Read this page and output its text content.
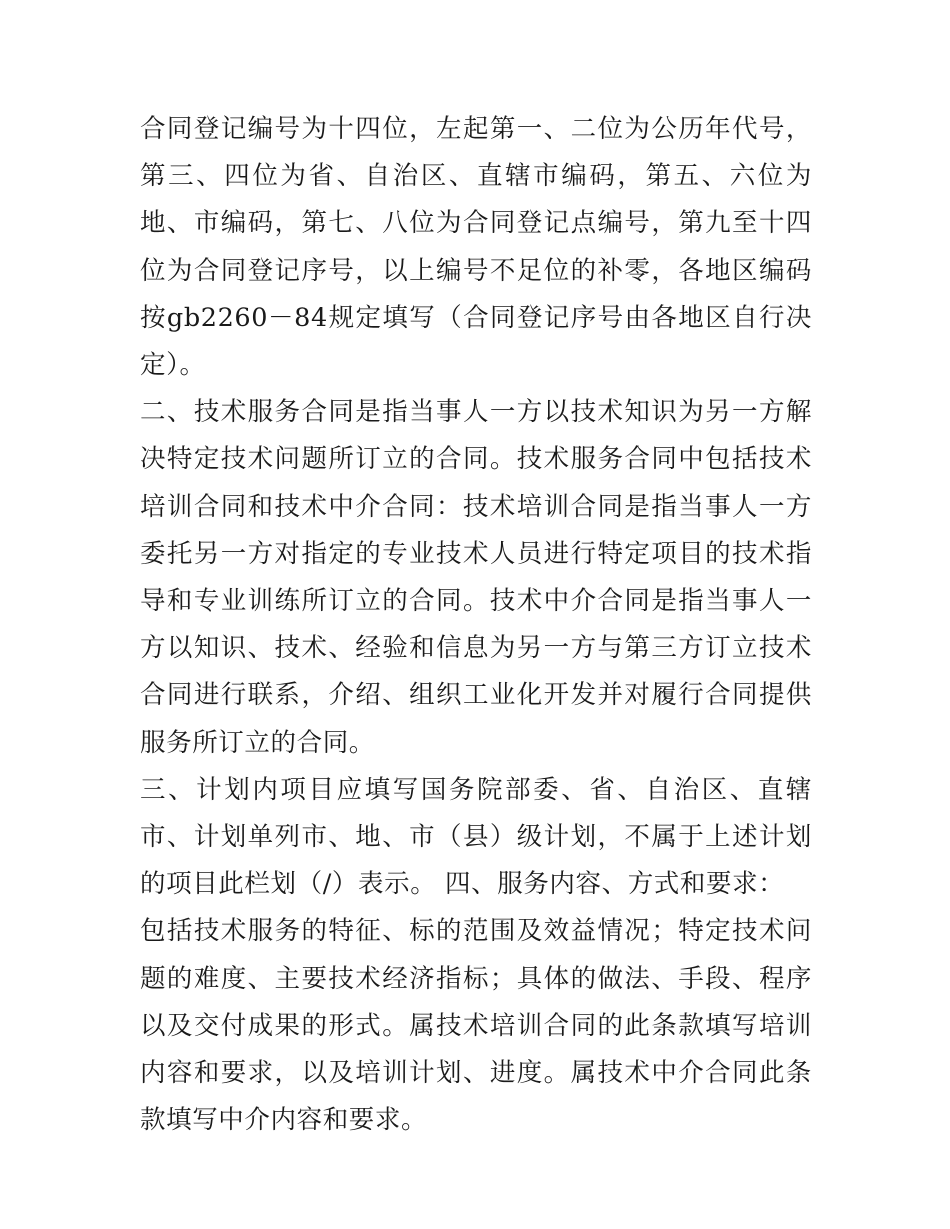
合同登记编号为十四位，左起第一、二位为公历年代号，第三、四位为省、自治区、直辖市编码，第五、六位为地、市编码，第七、八位为合同登记点编号，第九至十四位为合同登记序号，以上编号不足位的补零，各地区编码按gb2260－84规定填写（合同登记序号由各地区自行决定）。

二、技术服务合同是指当事人一方以技术知识为另一方解决特定技术问题所订立的合同。技术服务合同中包括技术培训合同和技术中介合同：技术培训合同是指当事人一方委托另一方对指定的专业技术人员进行特定项目的技术指导和专业训练所订立的合同。技术中介合同是指当事人一方以知识、技术、经验和信息为另一方与第三方订立技术合同进行联系，介绍、组织工业化开发并对履行合同提供服务所订立的合同。

三、计划内项目应填写国务院部委、省、自治区、直辖市、计划单列市、地、市（县）级计划，不属于上述计划的项目此栏划（/）表示。 四、服务内容、方式和要求：

包括技术服务的特征、标的范围及效益情况；特定技术问题的难度、主要技术经济指标；具体的做法、手段、程序以及交付成果的形式。属技术培训合同的此条款填写培训内容和要求，以及培训计划、进度。属技术中介合同此条款填写中介内容和要求。
